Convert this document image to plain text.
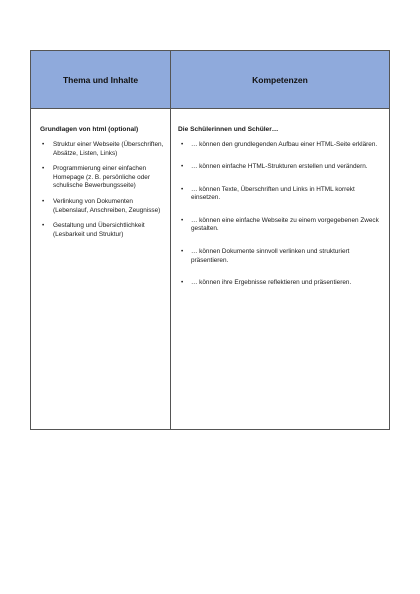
Thema und Inhalte	Kompetenzen
Grundlagen von html (optional)
• Struktur einer Webseite (Überschriften, Absätze, Listen, Links)
• Programmierung einer einfachen Homepage (z. B. persönliche oder schulische Bewerbungsseite)
• Verlinkung von Dokumenten (Lebenslauf, Anschreiben, Zeugnisse)
• Gestaltung und Übersichtlichkeit (Lesbarkeit und Struktur)
Die Schülerinnen und Schüler…
• … können den grundlegenden Aufbau einer HTML-Seite erklären.
• … können einfache HTML-Strukturen erstellen und verändern.
• … können Texte, Überschriften und Links in HTML korrekt einsetzen.
• … können eine einfache Webseite zu einem vorgegebenen Zweck gestalten.
• … können Dokumente sinnvoll verlinken und strukturiert präsentieren.
• … können ihre Ergebnisse reflektieren und präsentieren.
